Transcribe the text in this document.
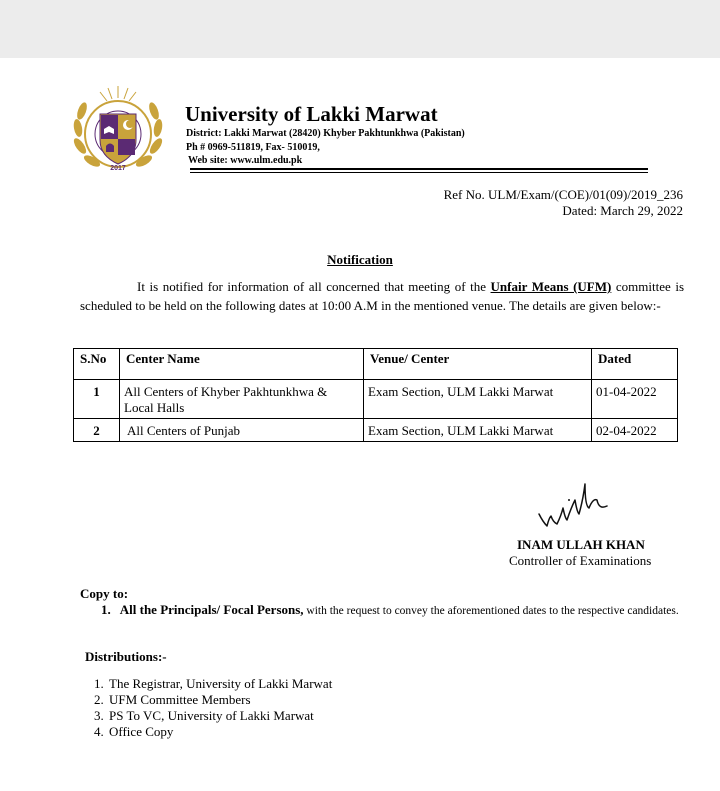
2017
University of Lakki Marwat
District: Lakki Marwat (28420) Khyber Pakhtunkhwa (Pakistan)
Ph # 0969-511819, Fax- 510019,
Web site: www.ulm.edu.pk
Ref No. ULM/Exam/(COE)/01(09)/2019_236
Dated: March 29, 2022
Notification
It is notified for information of all concerned that meeting of the Unfair Means (UFM) committee is scheduled to be held on the following dates at 10:00 A.M in the mentioned venue. The details are given below:-
S.No	Center Name	Venue/ Center	Dated
1	All Centers of Khyber Pakhtunkhwa & Local Halls	Exam Section, ULM Lakki Marwat	01-04-2022
2	All Centers of Punjab	Exam Section, ULM Lakki Marwat	02-04-2022
INAM ULLAH KHAN
Controller of Examinations
Copy to:
1. All the Principals/ Focal Persons, with the request to convey the aforementioned dates to the respective candidates.
Distributions:-
1. The Registrar, University of Lakki Marwat
2. UFM Committee Members
3. PS To VC, University of Lakki Marwat
4. Office Copy
